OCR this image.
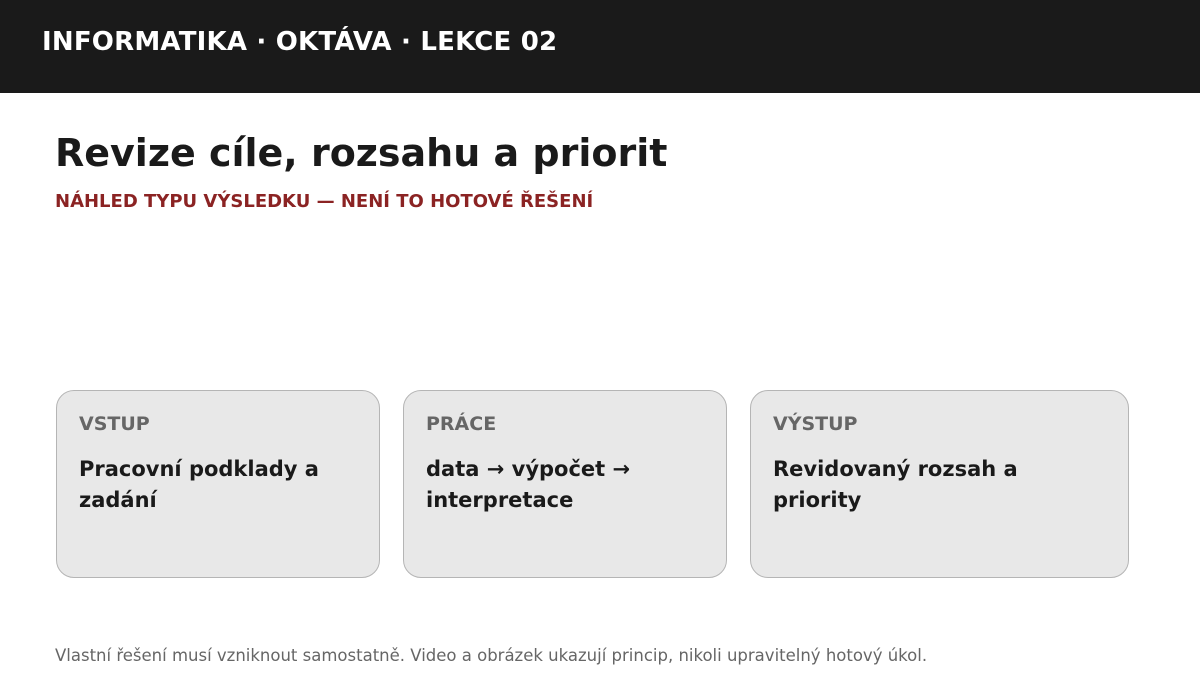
INFORMATIKA · OKTÁVA · LEKCE 02
Revize cíle, rozsahu a priorit
NÁHLED TYPU VÝSLEDKU — NENÍ TO HOTOVÉ ŘEŠENÍ
VSTUP
Pracovní podklady a zadání
PRÁCE
data → výpočet → interpretace
VÝSTUP
Revidovaný rozsah a priority
Vlastní řešení musí vzniknout samostatně. Video a obrázek ukazují princip, nikoli upravitelný hotový úkol.
